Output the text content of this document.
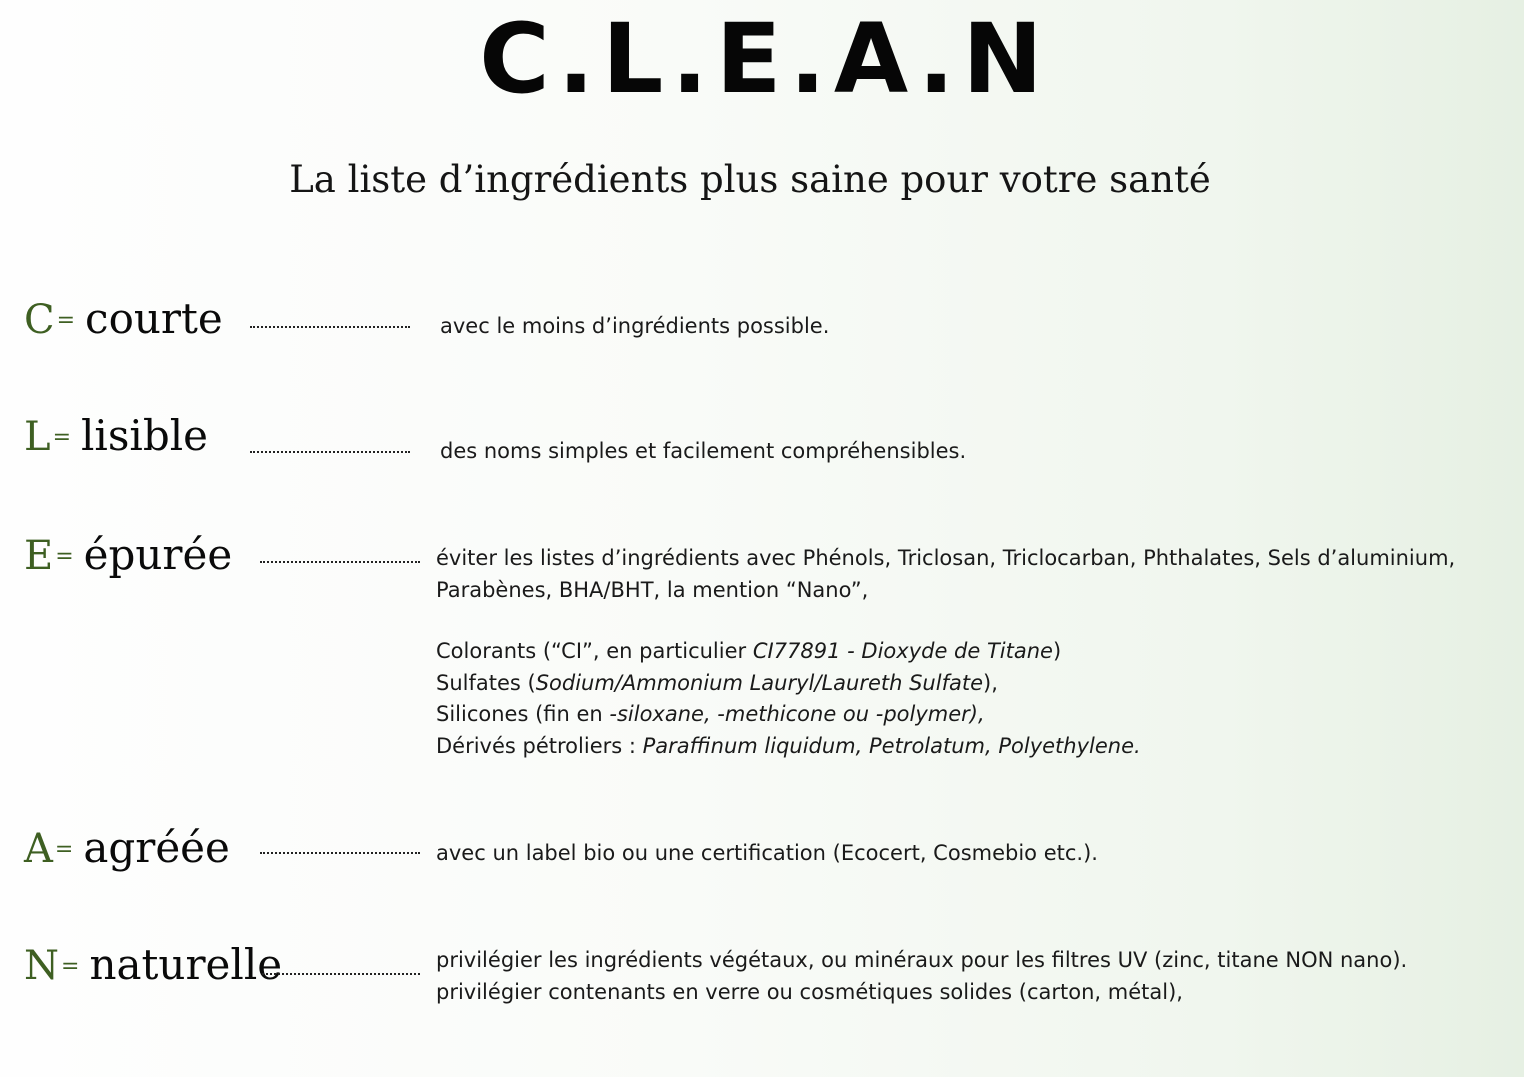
C.L.E.A.N
La liste d’ingrédients plus saine pour votre santé
C= courte	avec le moins d’ingrédients possible.

L= lisible	des noms simples et facilement compréhensibles.

E= épurée	éviter les listes d’ingrédients avec Phénols, Triclosan, Triclocarban, Phthalates, Sels d’aluminium,

Parabènes, BHA/BHT, la mention “Nano”,

Colorants (“CI”, en particulier CI77891 - Dioxyde de Titane)

Sulfates (Sodium/Ammonium Lauryl/Laureth Sulfate),

Silicones (fin en -siloxane, -methicone ou -polymer),

Dérivés pétroliers : Paraffinum liquidum, Petrolatum, Polyethylene.

A= agréée	avec un label bio ou une certification (Ecocert, Cosmebio etc.).

N= naturelle	privilégier les ingrédients végétaux, ou minéraux pour les filtres UV (zinc, titane NON nano).

privilégier contenants en verre ou cosmétiques solides (carton, métal),
